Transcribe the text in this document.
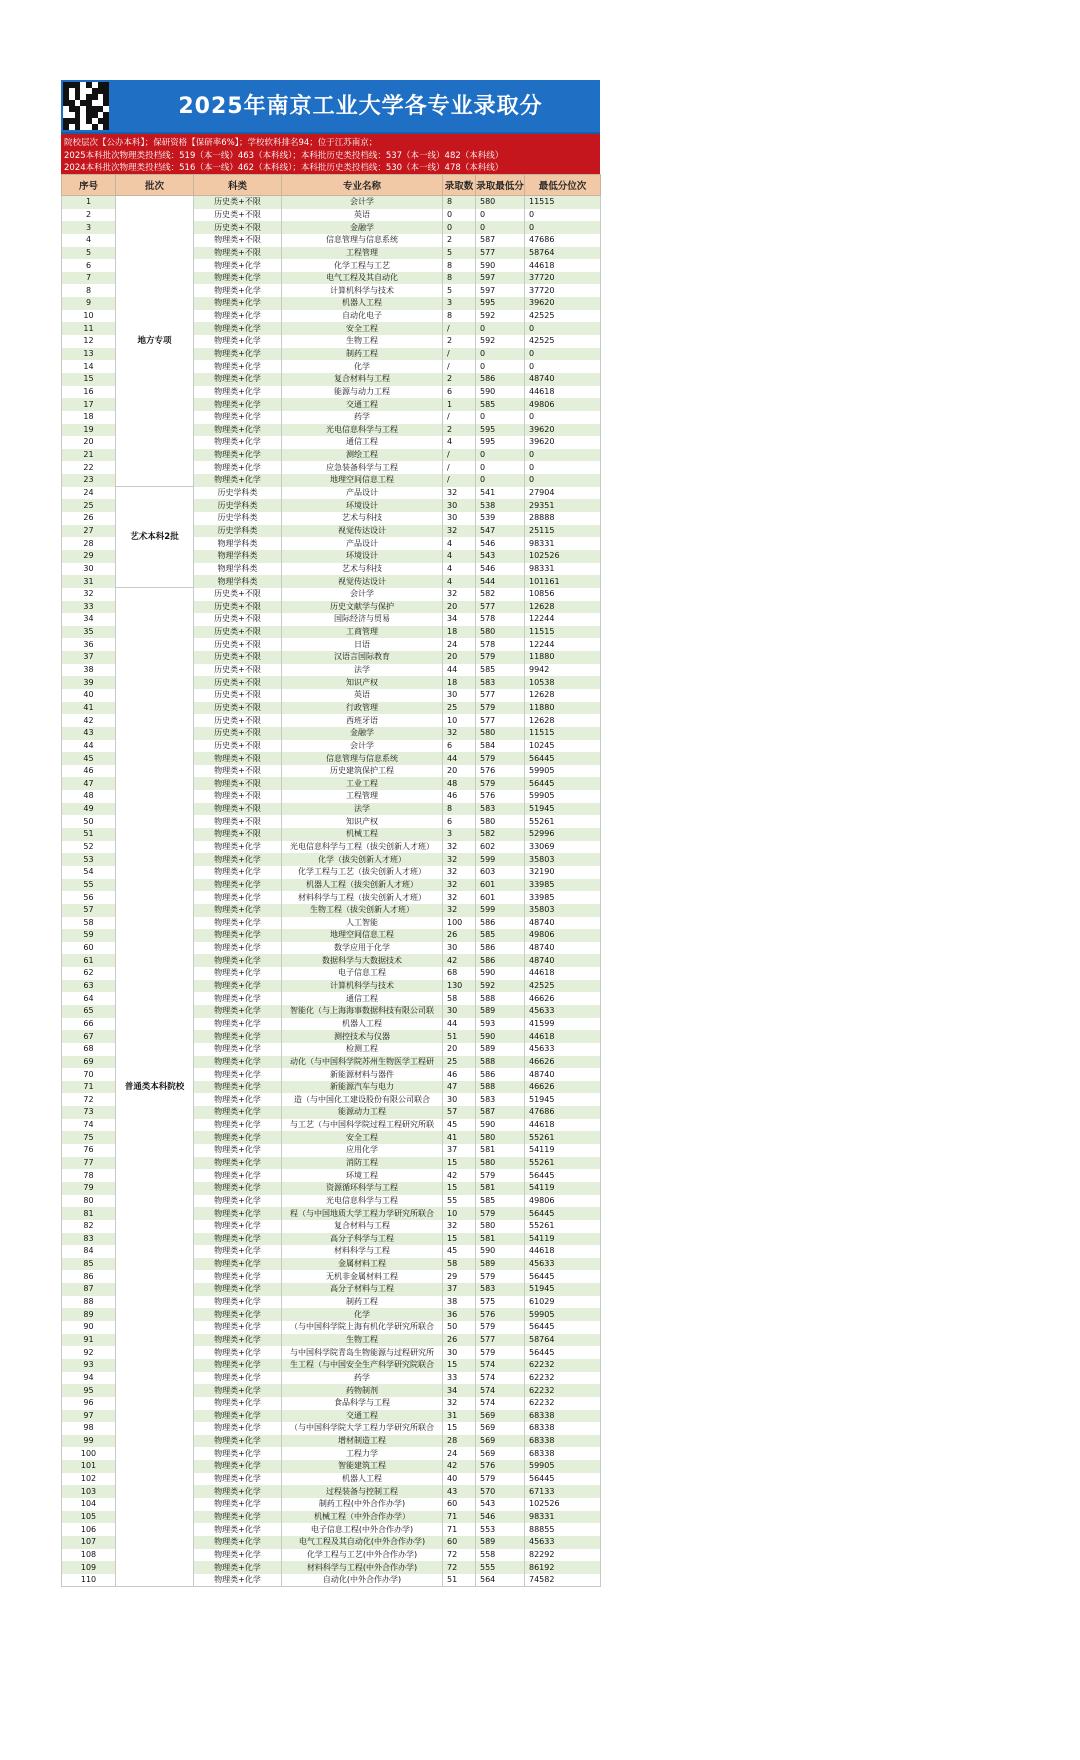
2025年南京工业大学各专业录取分
院校层次【公办本科】；保研资格【保研率6%】；学校软科排名94；位于江苏南京；
2025本科批次物理类投档线：519（本一线）463（本科线）；本科批历史类投档线：537（本一线）482（本科线）
2024本科批次物理类投档线：516（本一线）462（本科线）；本科批历史类投档线：530（本一线）478（本科线）
序号	批次	科类	专业名称	录取数	录取最低分	最低分位次
1	地方专项	历史类+不限	会计学	8	580	11515
2		历史类+不限	英语	0	0	0
3		历史类+不限	金融学	0	0	0
4		物理类+不限	信息管理与信息系统	2	587	47686
5		物理类+不限	工程管理	5	577	58764
6		物理类+化学	化学工程与工艺	8	590	44618
7		物理类+化学	电气工程及其自动化	8	597	37720
8		物理类+化学	计算机科学与技术	5	597	37720
9		物理类+化学	机器人工程	3	595	39620
10		物理类+化学	自动化电子	8	592	42525
11		物理类+化学	安全工程	/	0	0
12		物理类+化学	生物工程	2	592	42525
13		物理类+化学	制药工程	/	0	0
14		物理类+化学	化学	/	0	0
15		物理类+化学	复合材料与工程	2	586	48740
16		物理类+化学	能源与动力工程	6	590	44618
17		物理类+化学	交通工程	1	585	49806
18		物理类+化学	药学	/	0	0
19		物理类+化学	光电信息科学与工程	2	595	39620
20		物理类+化学	通信工程	4	595	39620
21		物理类+化学	测绘工程	/	0	0
22		物理类+化学	应急装备科学与工程	/	0	0
23		物理类+化学	地理空间信息工程	/	0	0
24	艺术本科2批	历史学科类	产品设计	32	541	27904
25		历史学科类	环境设计	30	538	29351
26		历史学科类	艺术与科技	30	539	28888
27		历史学科类	视觉传达设计	32	547	25115
28		物理学科类	产品设计	4	546	98331
29		物理学科类	环境设计	4	543	102526
30		物理学科类	艺术与科技	4	546	98331
31		物理学科类	视觉传达设计	4	544	101161
32	普通类本科院校	历史类+不限	会计学	32	582	10856
33		历史类+不限	历史文献学与保护	20	577	12628
34		历史类+不限	国际经济与贸易	34	578	12244
35		历史类+不限	工商管理	18	580	11515
36		历史类+不限	日语	24	578	12244
37		历史类+不限	汉语言国际教育	20	579	11880
38		历史类+不限	法学	44	585	9942
39		历史类+不限	知识产权	18	583	10538
40		历史类+不限	英语	30	577	12628
41		历史类+不限	行政管理	25	579	11880
42		历史类+不限	西班牙语	10	577	12628
43		历史类+不限	金融学	32	580	11515
44		历史类+不限	会计学	6	584	10245
45		物理类+不限	信息管理与信息系统	44	579	56445
46		物理类+不限	历史建筑保护工程	20	576	59905
47		物理类+不限	工业工程	48	579	56445
48		物理类+不限	工程管理	46	576	59905
49		物理类+不限	法学	8	583	51945
50		物理类+不限	知识产权	6	580	55261
51		物理类+不限	机械工程	3	582	52996
52		物理类+化学	光电信息科学与工程（拔尖创新人才班）	32	602	33069
53		物理类+化学	化学（拔尖创新人才班）	32	599	35803
54		物理类+化学	化学工程与工艺（拔尖创新人才班）	32	603	32190
55		物理类+化学	机器人工程（拔尖创新人才班）	32	601	33985
56		物理类+化学	材料科学与工程（拔尖创新人才班）	32	601	33985
57		物理类+化学	生物工程（拔尖创新人才班）	32	599	35803
58		物理类+化学	人工智能	100	586	48740
59		物理类+化学	地理空间信息工程	26	585	49806
60		物理类+化学	数学应用于化学	30	586	48740
61		物理类+化学	数据科学与大数据技术	42	586	48740
62		物理类+化学	电子信息工程	68	590	44618
63		物理类+化学	计算机科学与技术	130	592	42525
64		物理类+化学	通信工程	58	588	46626
65		物理类+化学	智能化（与上海海事数据科技有限公司联	30	589	45633
66		物理类+化学	机器人工程	44	593	41599
67		物理类+化学	测控技术与仪器	51	590	44618
68		物理类+化学	检测工程	20	589	45633
69		物理类+化学	动化（与中国科学院苏州生物医学工程研	25	588	46626
70		物理类+化学	新能源材料与器件	46	586	48740
71		物理类+化学	新能源汽车与电力	47	588	46626
72		物理类+化学	造（与中国化工建设股份有限公司联合	30	583	51945
73		物理类+化学	能源动力工程	57	587	47686
74		物理类+化学	与工艺（与中国科学院过程工程研究所联	45	590	44618
75		物理类+化学	安全工程	41	580	55261
76		物理类+化学	应用化学	37	581	54119
77		物理类+化学	消防工程	15	580	55261
78		物理类+化学	环境工程	42	579	56445
79		物理类+化学	资源循环科学与工程	15	581	54119
80		物理类+化学	光电信息科学与工程	55	585	49806
81		物理类+化学	程（与中国地质大学工程力学研究所联合	10	579	56445
82		物理类+化学	复合材料与工程	32	580	55261
83		物理类+化学	高分子科学与工程	15	581	54119
84		物理类+化学	材料科学与工程	45	590	44618
85		物理类+化学	金属材料工程	58	589	45633
86		物理类+化学	无机非金属材料工程	29	579	56445
87		物理类+化学	高分子材料与工程	37	583	51945
88		物理类+化学	制药工程	38	575	61029
89		物理类+化学	化学	36	576	59905
90		物理类+化学	（与中国科学院上海有机化学研究所联合	50	579	56445
91		物理类+化学	生物工程	26	577	58764
92		物理类+化学	与中国科学院青岛生物能源与过程研究所	30	579	56445
93		物理类+化学	生工程（与中国安全生产科学研究院联合	15	574	62232
94		物理类+化学	药学	33	574	62232
95		物理类+化学	药物制剂	34	574	62232
96		物理类+化学	食品科学与工程	32	574	62232
97		物理类+化学	交通工程	31	569	68338
98		物理类+化学	（与中国科学院大学工程力学研究所联合	15	569	68338
99		物理类+化学	增材制造工程	28	569	68338
100		物理类+化学	工程力学	24	569	68338
101		物理类+化学	智能建筑工程	42	576	59905
102		物理类+化学	机器人工程	40	579	56445
103		物理类+化学	过程装备与控制工程	43	570	67133
104		物理类+化学	制药工程(中外合作办学)	60	543	102526
105		物理类+化学	机械工程（中外合作办学）	71	546	98331
106		物理类+化学	电子信息工程(中外合作办学)	71	553	88855
107		物理类+化学	电气工程及其自动化(中外合作办学)	60	589	45633
108		物理类+化学	化学工程与工艺(中外合作办学)	72	558	82292
109		物理类+化学	材料科学与工程(中外合作办学)	72	555	86192
110		物理类+化学	自动化(中外合作办学)	51	564	74582
